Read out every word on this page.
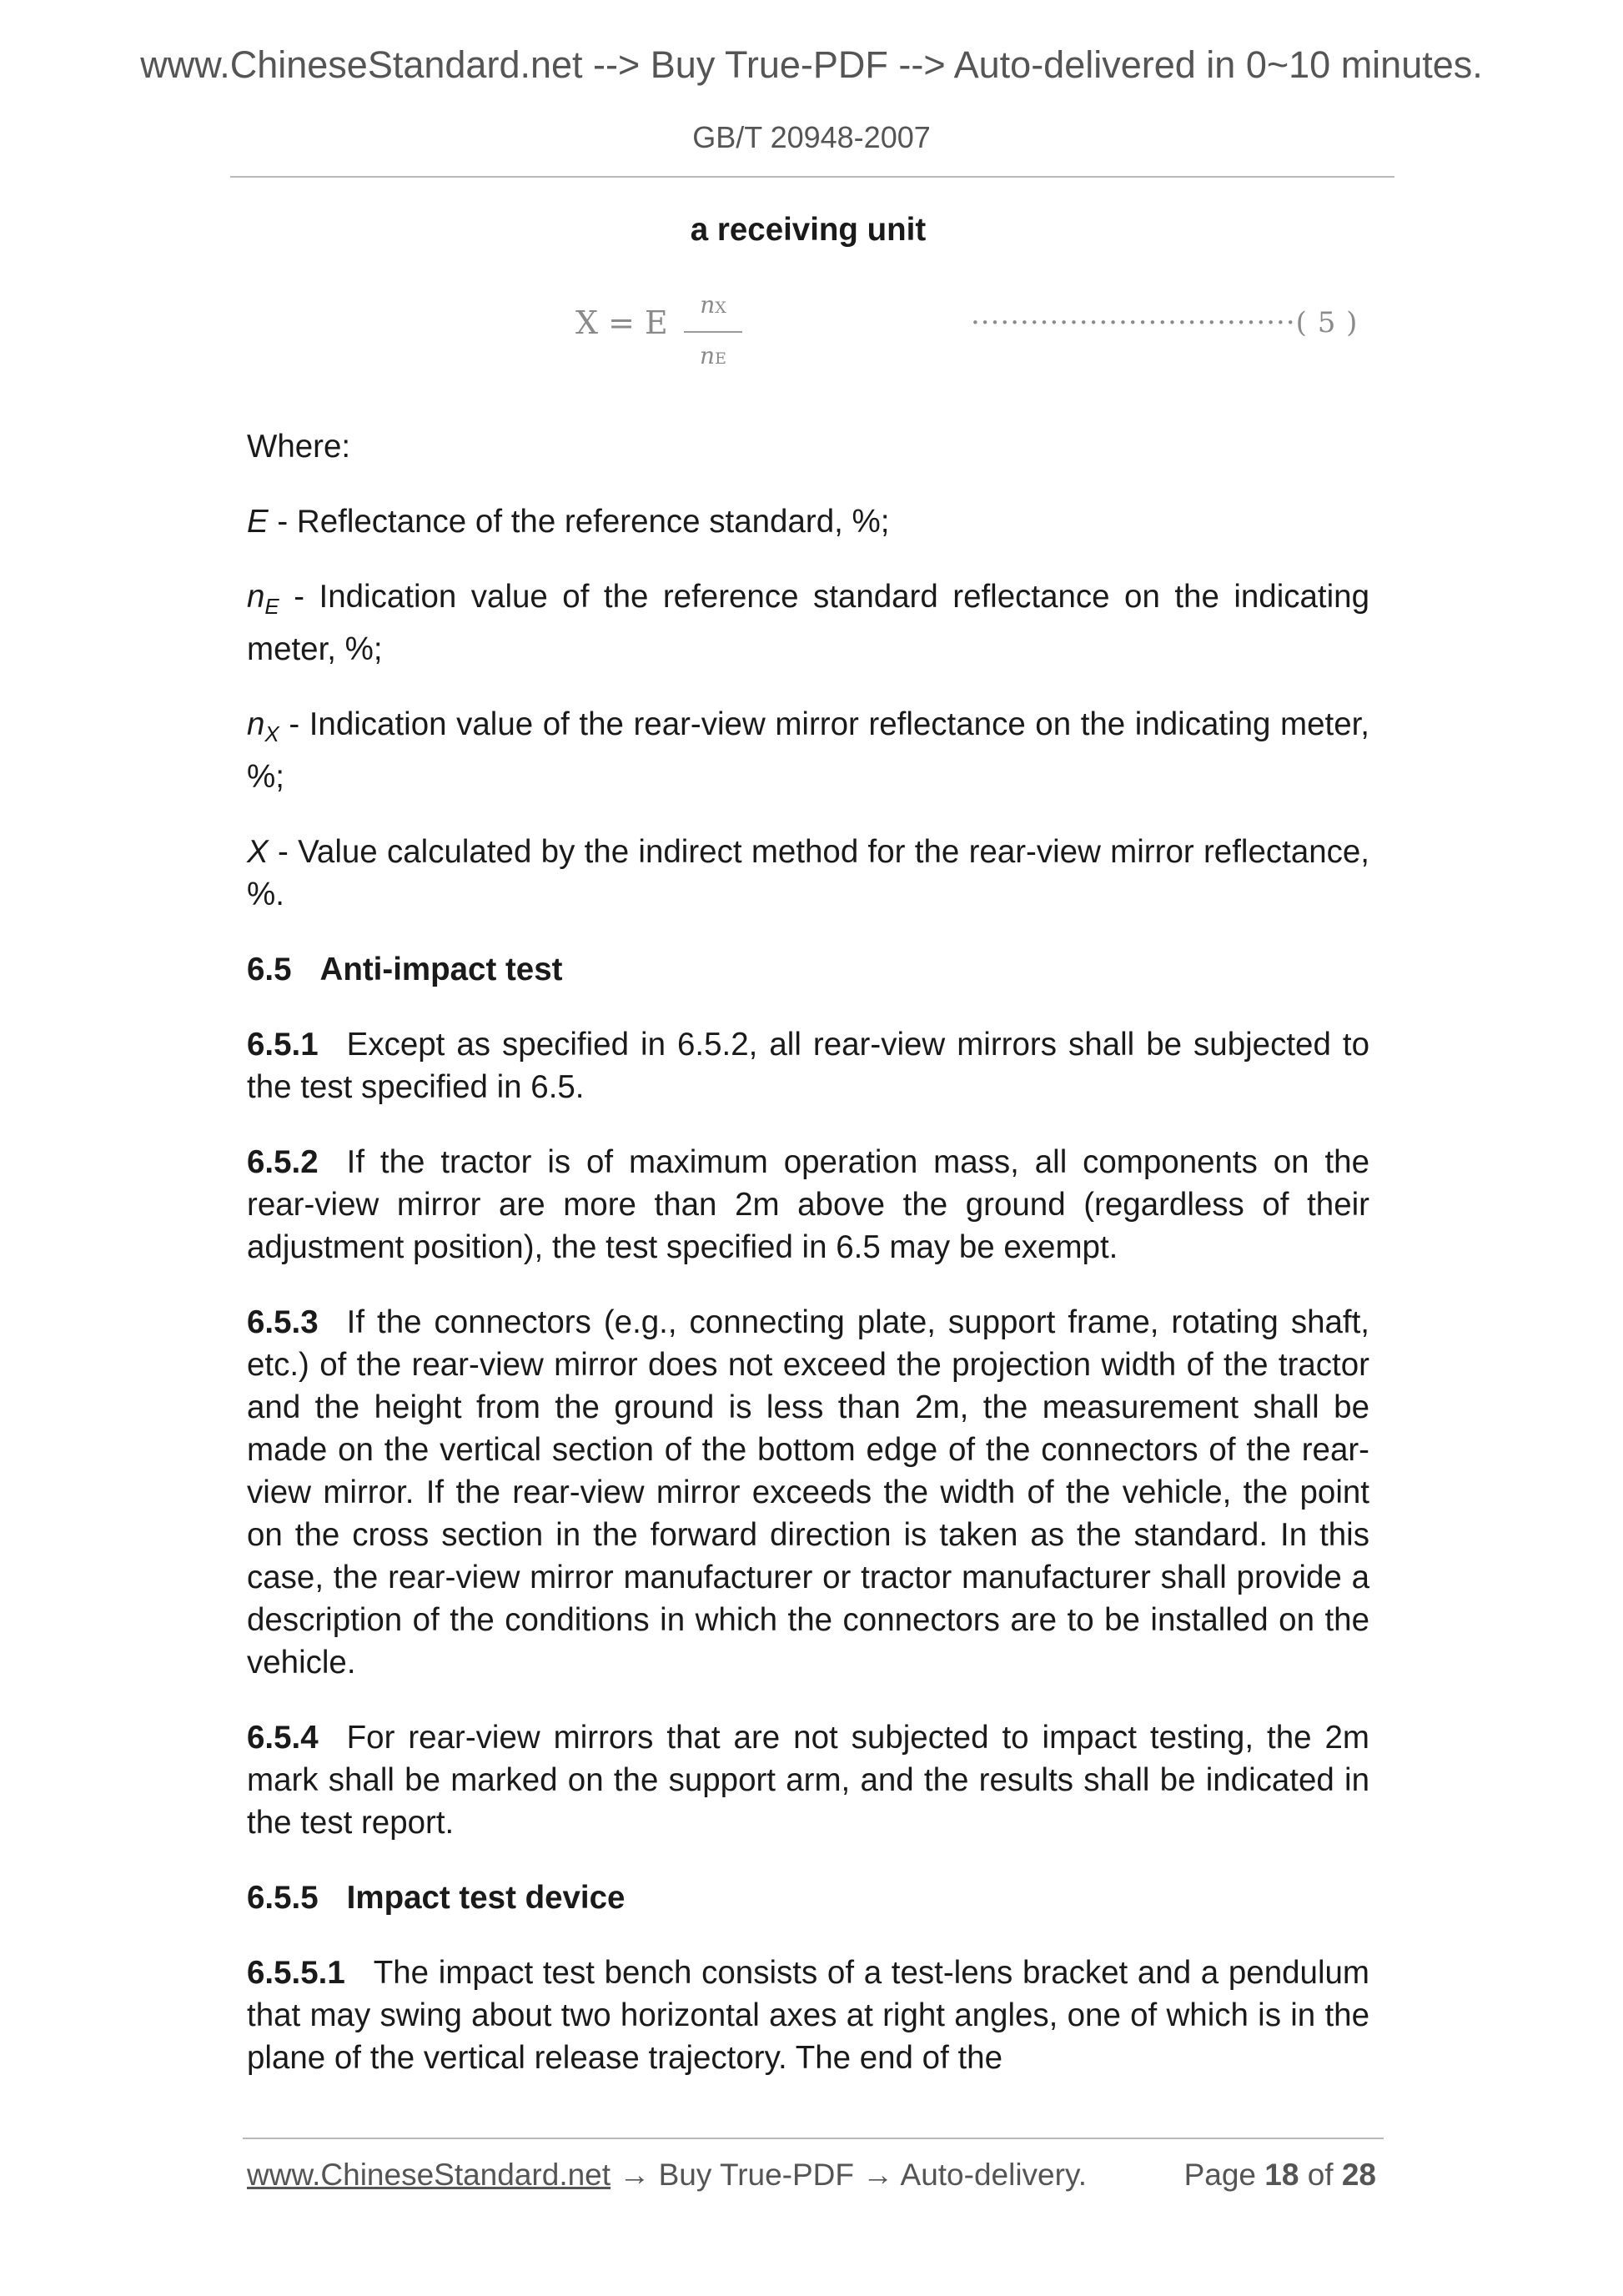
www.ChineseStandard.net --> Buy True-PDF --> Auto-delivered in 0~10 minutes.
GB/T 20948-2007

a receiving unit

X = E $\frac{nX}{nE}$	·································( 5 )

Where:

E - Reflectance of the reference standard, %;

$n_E$ - Indication value of the reference standard reflectance on the indicating meter, %;

$n_X$ - Indication value of the rear-view mirror reflectance on the indicating meter, %;

X - Value calculated by the indirect method for the rear-view mirror reflectance, %.

6.5 Anti-impact test

6.5.1 Except as specified in 6.5.2, all rear-view mirrors shall be subjected to the test specified in 6.5.

6.5.2 If the tractor is of maximum operation mass, all components on the rear-view mirror are more than 2m above the ground (regardless of their adjustment position), the test specified in 6.5 may be exempt.

6.5.3 If the connectors (e.g., connecting plate, support frame, rotating shaft, etc.) of the rear-view mirror does not exceed the projection width of the tractor and the height from the ground is less than 2m, the measurement shall be made on the vertical section of the bottom edge of the connectors of the rear-view mirror. If the rear-view mirror exceeds the width of the vehicle, the point on the cross section in the forward direction is taken as the standard. In this case, the rear-view mirror manufacturer or tractor manufacturer shall provide a description of the conditions in which the connectors are to be installed on the vehicle.

6.5.4 For rear-view mirrors that are not subjected to impact testing, the 2m mark shall be marked on the support arm, and the results shall be indicated in the test report.

6.5.5 Impact test device

6.5.5.1 The impact test bench consists of a test-lens bracket and a pendulum that may swing about two horizontal axes at right angles, one of which is in the plane of the vertical release trajectory. The end of the

www.ChineseStandard.net → Buy True-PDF → Auto-delivery.	Page 18 of 28
